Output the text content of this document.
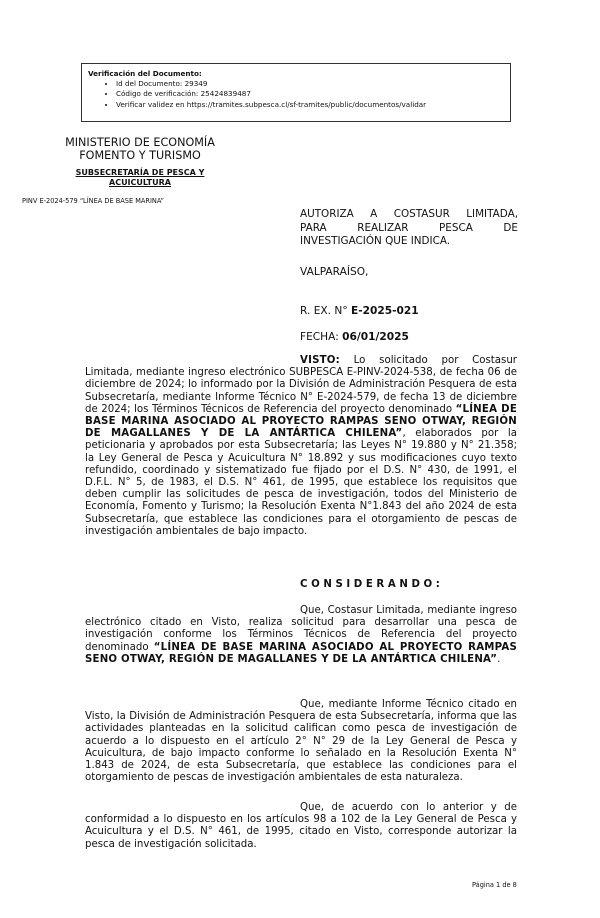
Verificación del Documento:
• Id del Documento: 29349
• Código de verificación: 25424839487
• Verificar validez en https://tramites.subpesca.cl/sf-tramites/public/documentos/validar
MINISTERIO DE ECONOMÍA
FOMENTO Y TURISMO
SUBSECRETARÍA DE PESCA Y
ACUICULTURA
PINV E-2024-579 “LÍNEA DE BASE MARINA”
AUTORIZA A COSTASUR LIMITADA,
PARA REALIZAR PESCA DE
INVESTIGACIÓN QUE INDICA.
VALPARAÍSO,
R. EX. N° E-2025-021
FECHA: 06/01/2025
VISTO: Lo solicitado por Costasur Limitada, mediante ingreso electrónico SUBPESCA E-PINV-2024-538, de fecha 06 de diciembre de 2024; lo informado por la División de Administración Pesquera de esta Subsecretaría, mediante Informe Técnico N° E-2024-579, de fecha 13 de diciembre de 2024; los Términos Técnicos de Referencia del proyecto denominado “LÍNEA DE BASE MARINA ASOCIADO AL PROYECTO RAMPAS SENO OTWAY, REGIÓN DE MAGALLANES Y DE LA ANTÁRTICA CHILENA”, elaborados por la peticionaria y aprobados por esta Subsecretaría; las Leyes N° 19.880 y N° 21.358; la Ley General de Pesca y Acuicultura N° 18.892 y sus modificaciones cuyo texto refundido, coordinado y sistematizado fue fijado por el D.S. N° 430, de 1991, el D.F.L. N° 5, de 1983, el D.S. N° 461, de 1995, que establece los requisitos que deben cumplir las solicitudes de pesca de investigación, todos del Ministerio de Economía, Fomento y Turismo; la Resolución Exenta N°1.843 del año 2024 de esta Subsecretaría, que establece las condiciones para el otorgamiento de pescas de investigación ambientales de bajo impacto.
CONSIDERANDO:
Que, Costasur Limitada, mediante ingreso electrónico citado en Visto, realiza solicitud para desarrollar una pesca de investigación conforme los Términos Técnicos de Referencia del proyecto denominado “LÍNEA DE BASE MARINA ASOCIADO AL PROYECTO RAMPAS SENO OTWAY, REGIÓN DE MAGALLANES Y DE LA ANTÁRTICA CHILENA”.
Que, mediante Informe Técnico citado en Visto, la División de Administración Pesquera de esta Subsecretaría, informa que las actividades planteadas en la solicitud califican como pesca de investigación de acuerdo a lo dispuesto en el artículo 2° N° 29 de la Ley General de Pesca y Acuicultura, de bajo impacto conforme lo señalado en la Resolución Exenta N° 1.843 de 2024, de esta Subsecretaría, que establece las condiciones para el otorgamiento de pescas de investigación ambientales de esta naturaleza.
Que, de acuerdo con lo anterior y de conformidad a lo dispuesto en los artículos 98 a 102 de la Ley General de Pesca y Acuicultura y el D.S. N° 461, de 1995, citado en Visto, corresponde autorizar la pesca de investigación solicitada.
Página 1 de 8
